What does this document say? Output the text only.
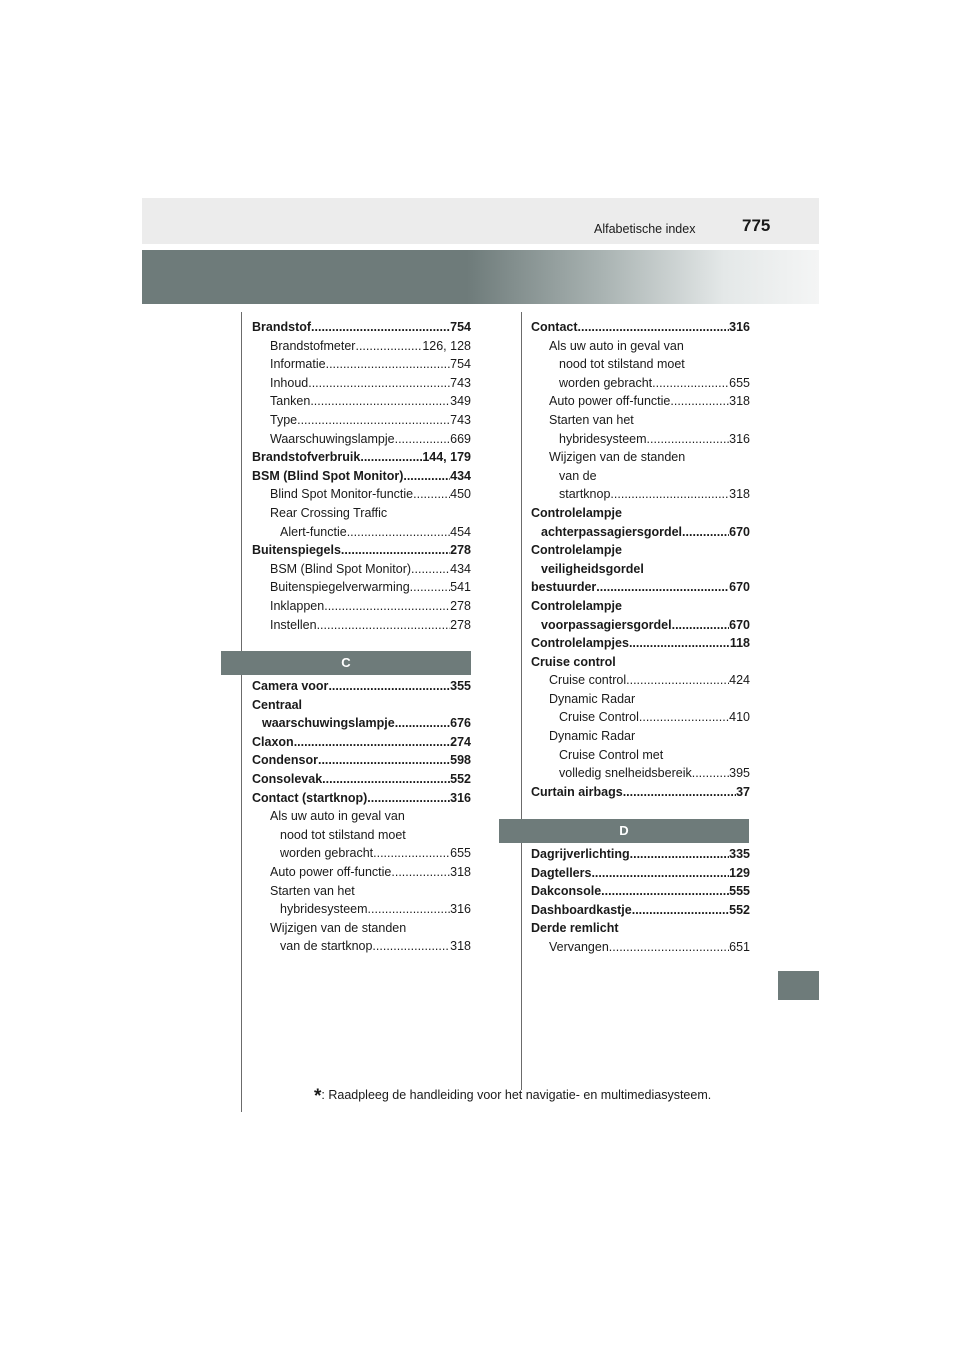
Alfabetische index	775
Brandstof .....	754
Brandstofmeter .....	126, 128
Informatie .....	754
Inhoud .....	743
Tanken .....	349
Type .....	743
Waarschuwingslampje .....	669
Brandstofverbruik .....	144, 179
BSM (Blind Spot Monitor) .....	434
Blind Spot Monitor-functie .....	450
Rear Crossing Traffic
Alert-functie .....	454
Buitenspiegels .....	278
BSM (Blind Spot Monitor) .....	434
Buitenspiegelverwarming .....	541
Inklappen .....	278
Instellen .....	278
C
Camera voor .....	355
Centraal
waarschuwingslampje .....	676
Claxon .....	274
Condensor .....	598
Consolevak .....	552
Contact (startknop) .....	316
Als uw auto in geval van
nood tot stilstand moet
worden gebracht .....	655
Auto power off-functie .....	318
Starten van het
hybridesysteem .....	316
Wijzigen van de standen
van de startknop .....	318
Contact .....	316
Als uw auto in geval van
nood tot stilstand moet
worden gebracht .....	655
Auto power off-functie .....	318
Starten van het
hybridesysteem .....	316
Wijzigen van de standen
van de
startknop .....	318
Controlelampje
achterpassagiersgordel .....	670
Controlelampje
veiligheidsgordel
bestuurder .....	670
Controlelampje
voorpassagiersgordel .....	670
Controlelampjes .....	118
Cruise control
Cruise control .....	424
Dynamic Radar
Cruise Control .....	410
Dynamic Radar
Cruise Control met
volledig snelheidsbereik .....	395
Curtain airbags .....	37
D
Dagrijverlichting .....	335
Dagtellers .....	129
Dakconsole .....	555
Dashboardkastje .....	552
Derde remlicht
Vervangen .....	651
*: Raadpleeg de handleiding voor het navigatie- en multimediasysteem.
